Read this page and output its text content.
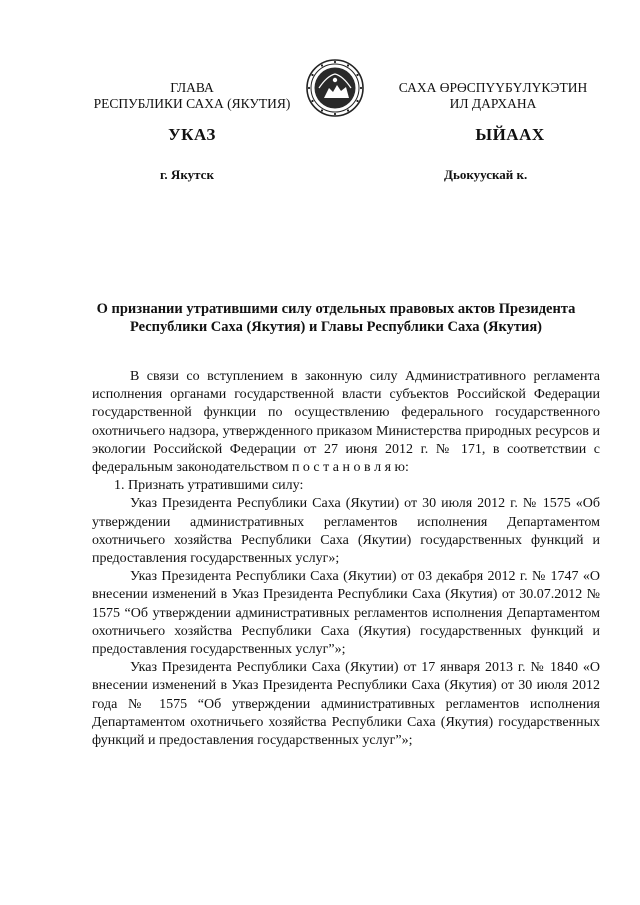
ГЛАВА
РЕСПУБЛИКИ САХА (ЯКУТИЯ)
САХА ӨРӨСПҮҮБҮЛҮКЭТИН
ИЛ ДАРХАНА
УКАЗ	ЫЙААХ
г. Якутск	Дьокуускай к.
О признании утратившими силу отдельных правовых актов Президента
Республики Саха (Якутия) и Главы Республики Саха (Якутия)

В связи со вступлением в законную силу Административного регламента исполнения органами государственной власти субъектов Российской Федерации государственной функции по осуществлению федерального государственного охотничьего надзора, утвержденного приказом Министерства природных ресурсов и экологии Российской Федерации от 27 июня 2012 г. № 171, в соответствии с федеральным законодательством п о с т а н о в л я ю:

1. Признать утратившими силу:

Указ Президента Республики Саха (Якутии) от 30 июля 2012 г. № 1575 «Об утверждении административных регламентов исполнения Департаментом охотничьего хозяйства Республики Саха (Якутии) государственных функций и предоставления государственных услуг»;

Указ Президента Республики Саха (Якутии) от 03 декабря 2012 г. № 1747 «О внесении изменений в Указ Президента Республики Саха (Якутия) от 30.07.2012 № 1575 “Об утверждении административных регламентов исполнения Департаментом охотничьего хозяйства Республики Саха (Якутия) государственных функций и предоставления государственных услуг”»;

Указ Президента Республики Саха (Якутии) от 17 января 2013 г. № 1840 «О внесении изменений в Указ Президента Республики Саха (Якутия) от 30 июля 2012 года № 1575 “Об утверждении административных регламентов исполнения Департаментом охотничьего хозяйства Республики Саха (Якутия) государственных функций и предоставления государственных услуг”»;
